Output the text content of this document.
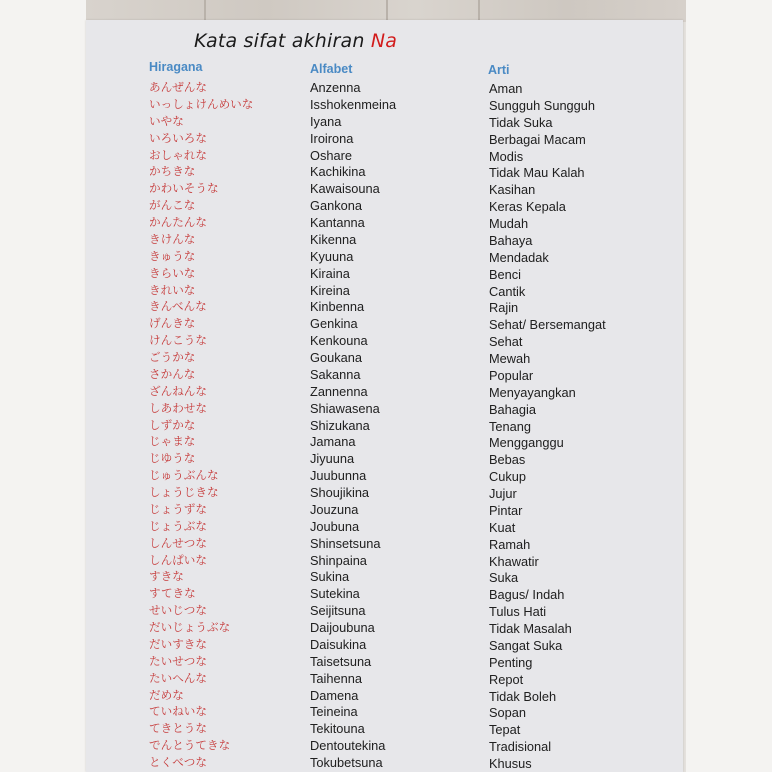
Kata sifat akhiran Na
Hiragana	Alfabet	Arti
あんぜんな
いっしょけんめいな
いやな
いろいろな
おしゃれな
かちきな
かわいそうな
がんこな
かんたんな
きけんな
きゅうな
きらいな
きれいな
きんべんな
げんきな
けんこうな
ごうかな
さかんな
ざんねんな
しあわせな
しずかな
じゃまな
じゆうな
じゅうぶんな
しょうじきな
じょうずな
じょうぶな
しんせつな
しんぱいな
すきな
すてきな
せいじつな
だいじょうぶな
だいすきな
たいせつな
たいへんな
だめな
ていねいな
てきとうな
でんとうてきな
とくべつな
Anzenna
Isshokenmeina
Iyana
Iroirona
Oshare
Kachikina
Kawaisouna
Gankona
Kantanna
Kikenna
Kyuuna
Kiraina
Kireina
Kinbenna
Genkina
Kenkouna
Goukana
Sakanna
Zannenna
Shiawasena
Shizukana
Jamana
Jiyuuna
Juubunna
Shoujikina
Jouzuna
Joubuna
Shinsetsuna
Shinpaina
Sukina
Sutekina
Seijitsuna
Daijoubuna
Daisukina
Taisetsuna
Taihenna
Damena
Teineina
Tekitouna
Dentoutekina
Tokubetsuna
Aman
Sungguh Sungguh
Tidak Suka
Berbagai Macam
Modis
Tidak Mau Kalah
Kasihan
Keras Kepala
Mudah
Bahaya
Mendadak
Benci
Cantik
Rajin
Sehat/ Bersemangat
Sehat
Mewah
Popular
Menyayangkan
Bahagia
Tenang
Mengganggu
Bebas
Cukup
Jujur
Pintar
Kuat
Ramah
Khawatir
Suka
Bagus/ Indah
Tulus Hati
Tidak Masalah
Sangat Suka
Penting
Repot
Tidak Boleh
Sopan
Tepat
Tradisional
Khusus
